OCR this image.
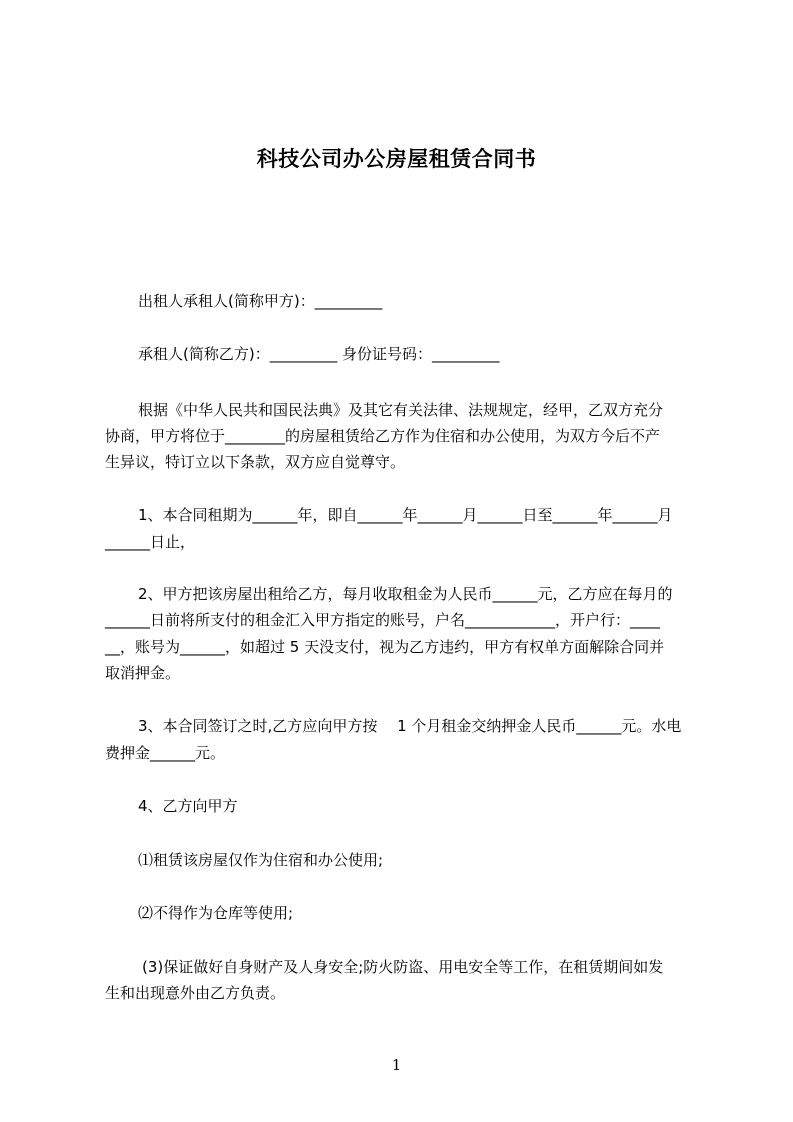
科技公司办公房屋租赁合同书
出租人承租人(简称甲方)：_________
承租人(简称乙方)：_________ 身份证号码：_________
根据《中华人民共和国民法典》及其它有关法律、法规规定，经甲，乙双方充分
协商，甲方将位于________的房屋租赁给乙方作为住宿和办公使用，为双方今后不产
生异议，特订立以下条款，双方应自觉尊守。
1、本合同租期为______年，即自______年______月______日至______年______月
______日止，
2、甲方把该房屋出租给乙方，每月收取租金为人民币______元，乙方应在每月的
______日前将所支付的租金汇入甲方指定的账号，户名____________，开户行：____
__，账号为______，如超过 5 天没支付，视为乙方违约，甲方有权单方面解除合同并
取消押金。
3、本合同签订之时,乙方应向甲方按　 1 个月租金交纳押金人民币______元。水电
费押金______元。
4、乙方向甲方
⑴租赁该房屋仅作为住宿和办公使用;
⑵不得作为仓库等使用;
(3)保证做好自身财产及人身安全;防火防盗、用电安全等工作，在租赁期间如发
生和出现意外由乙方负责。
1
